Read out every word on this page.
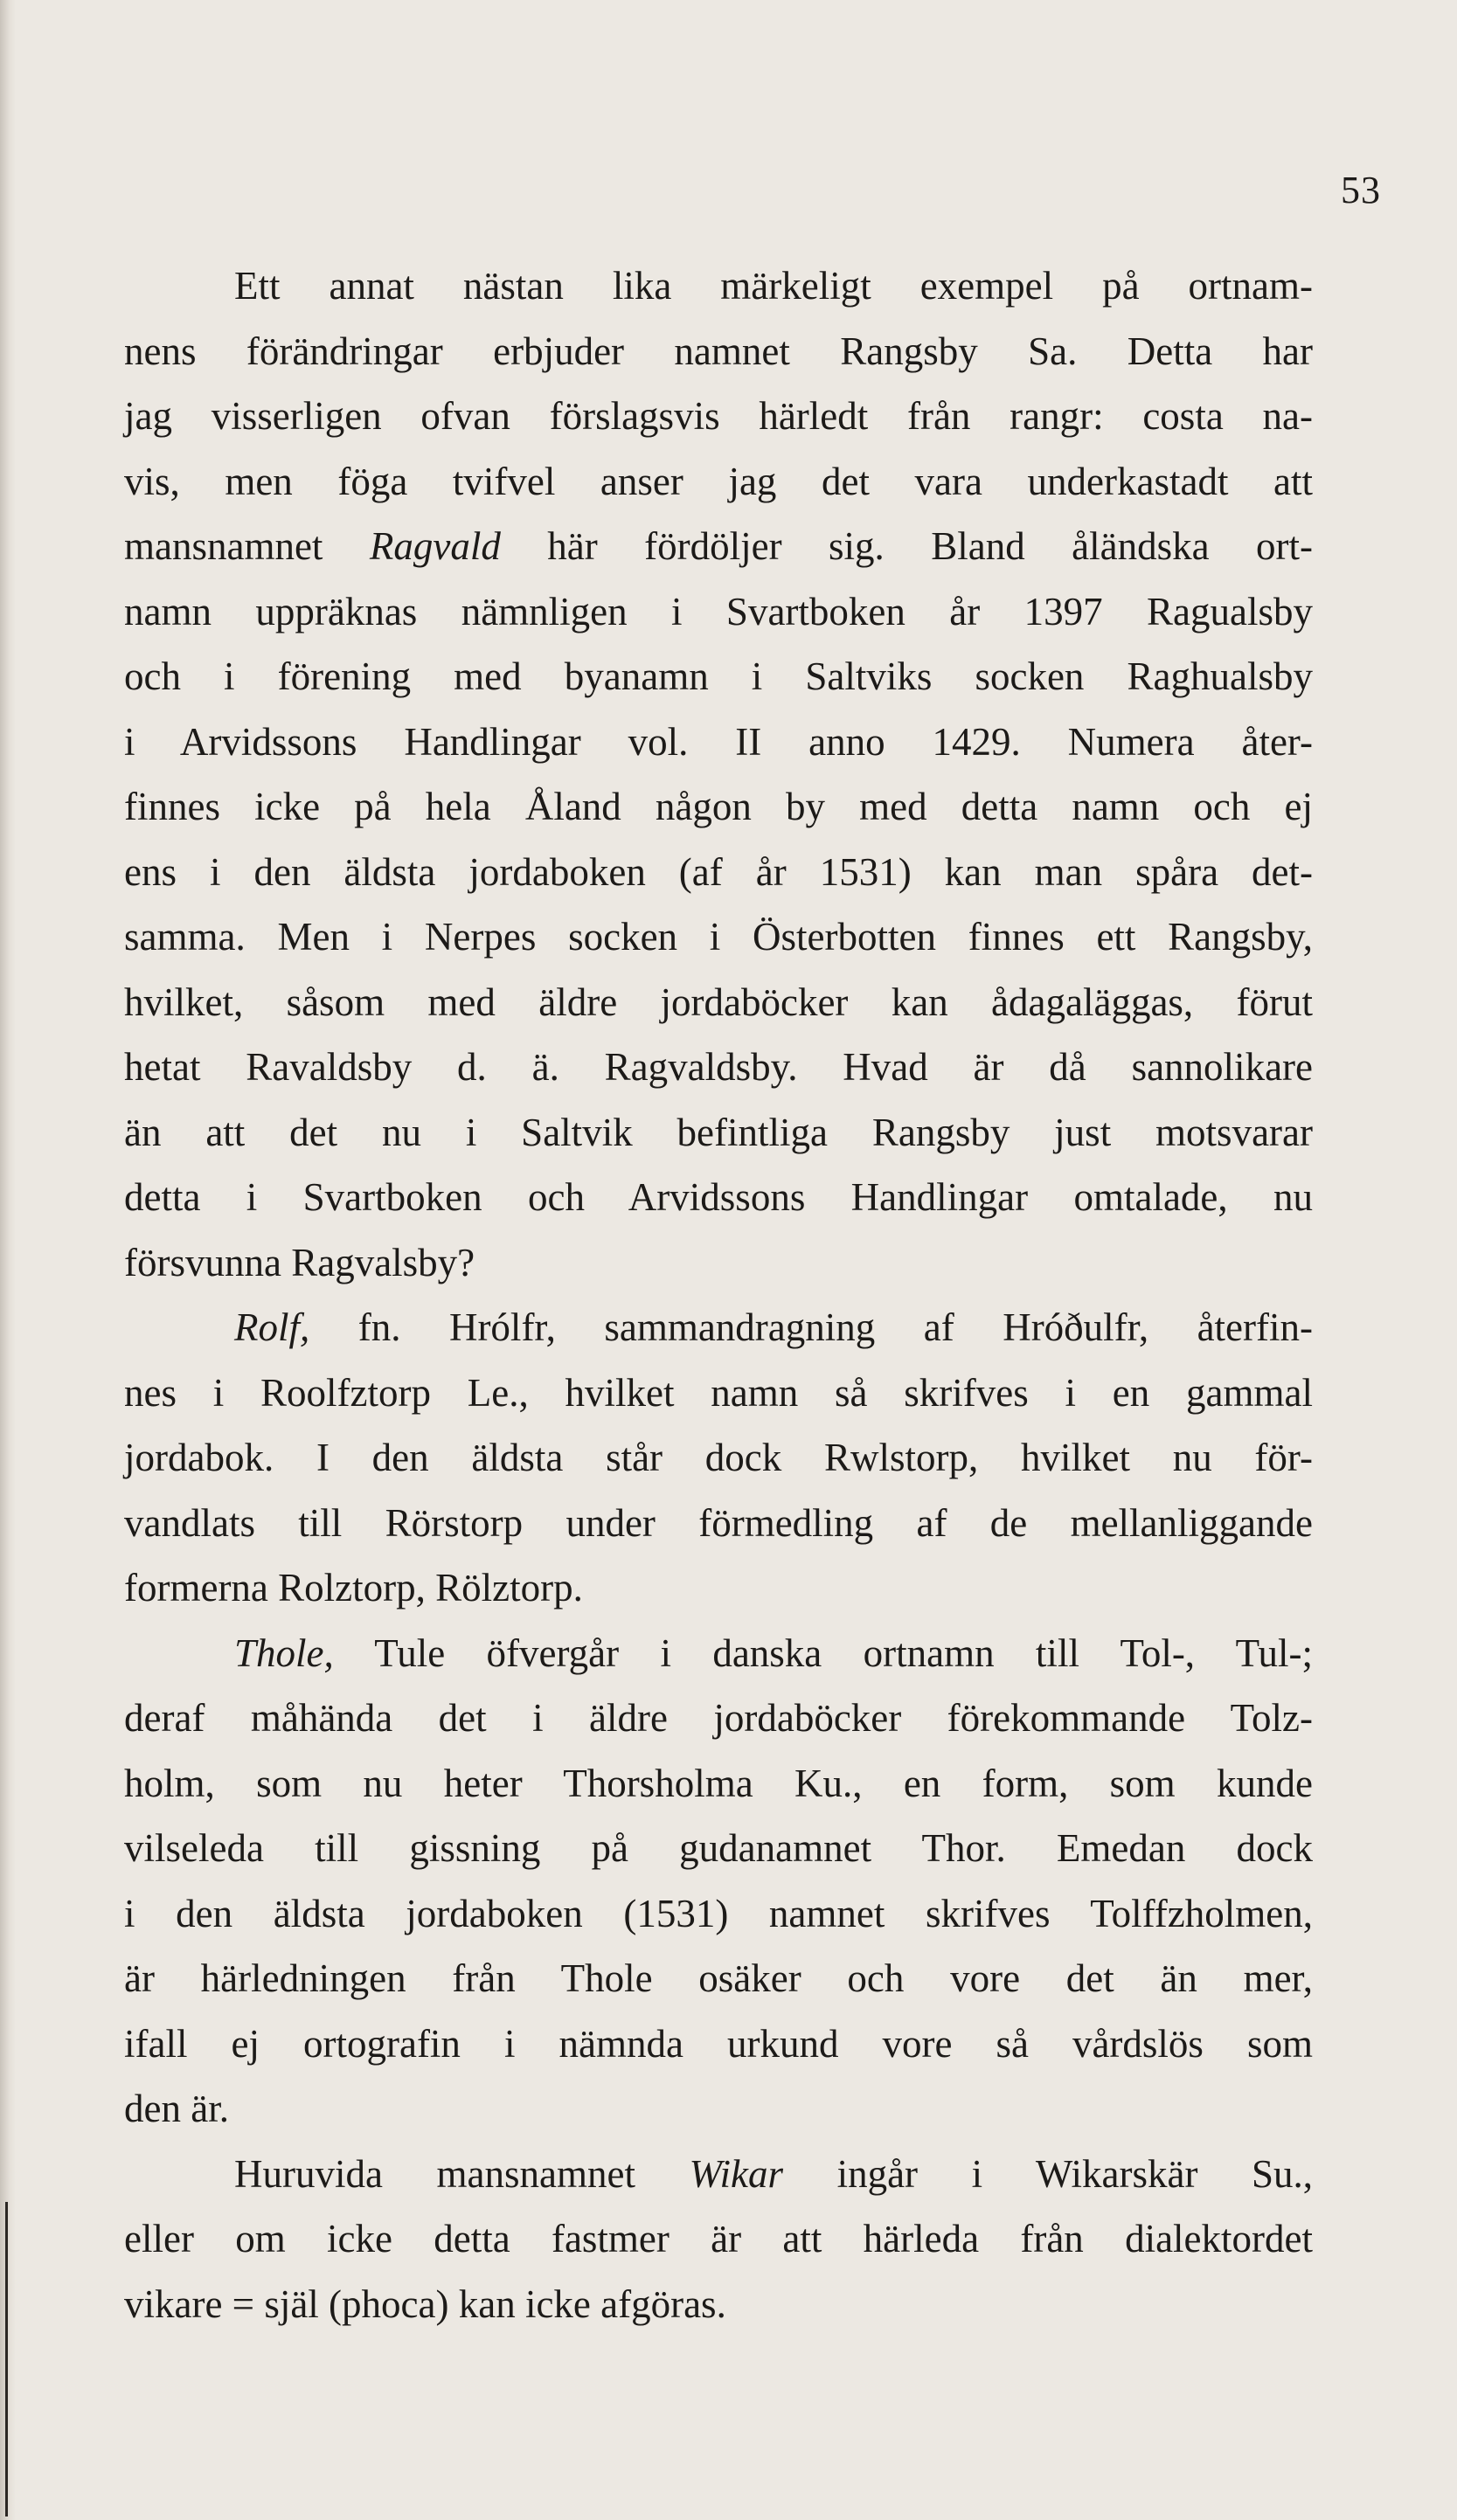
53
Ett annat nästan lika märkeligt exempel på ortnam-
nens förändringar erbjuder namnet Rangsby Sa. Detta har
jag visserligen ofvan förslagsvis härledt från rangr: costa na-
vis, men föga tvifvel anser jag det vara underkastadt att
mansnamnet Ragvald här fördöljer sig. Bland åländska ort-
namn uppräknas nämnligen i Svartboken år 1397 Ragualsby
och i förening med byanamn i Saltviks socken Raghualsby
i Arvidssons Handlingar vol. II anno 1429. Numera åter-
finnes icke på hela Åland någon by med detta namn och ej
ens i den äldsta jordaboken (af år 1531) kan man spåra det-
samma. Men i Nerpes socken i Österbotten finnes ett Rangsby,
hvilket, såsom med äldre jordaböcker kan ådagaläggas, förut
hetat Ravaldsby d. ä. Ragvaldsby. Hvad är då sannolikare
än att det nu i Saltvik befintliga Rangsby just motsvarar
detta i Svartboken och Arvidssons Handlingar omtalade, nu
försvunna Ragvalsby?
Rolf, fn. Hrólfr, sammandragning af Hróðulfr, återfin-
nes i Roolfztorp Le., hvilket namn så skrifves i en gammal
jordabok. I den äldsta står dock Rwlstorp, hvilket nu för-
vandlats till Rörstorp under förmedling af de mellanliggande
formerna Rolztorp, Rölztorp.
Thole, Tule öfvergår i danska ortnamn till Tol-, Tul-;
deraf måhända det i äldre jordaböcker förekommande Tolz-
holm, som nu heter Thorsholma Ku., en form, som kunde
vilseleda till gissning på gudanamnet Thor. Emedan dock
i den äldsta jordaboken (1531) namnet skrifves Tolffzholmen,
är härledningen från Thole osäker och vore det än mer,
ifall ej ortografin i nämnda urkund vore så vårdslös som
den är.
Huruvida mansnamnet Wikar ingår i Wikarskär Su.,
eller om icke detta fastmer är att härleda från dialektordet
vikare = själ (phoca) kan icke afgöras.
